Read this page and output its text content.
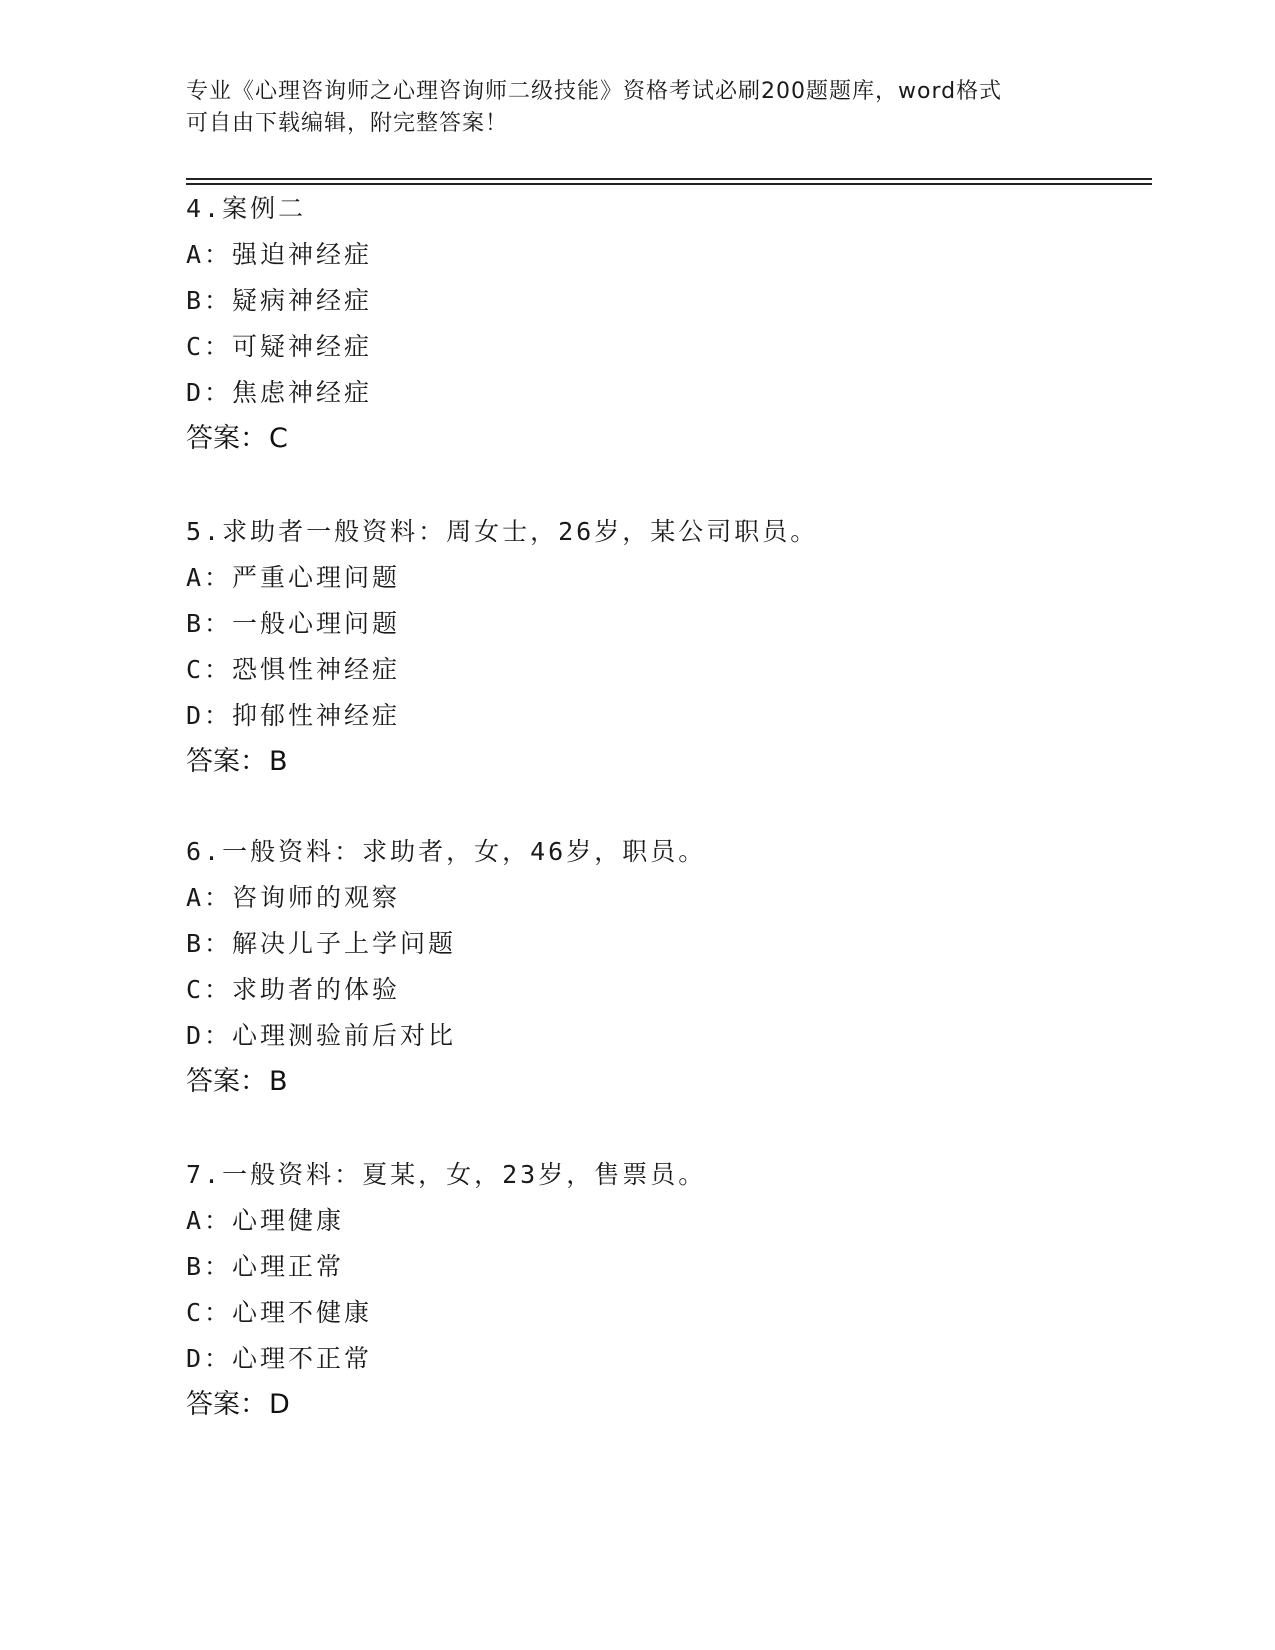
专业《心理咨询师之心理咨询师二级技能》资格考试必刷200题题库，word格式
可自由下载编辑，附完整答案！
4.案例二
A：强迫神经症
B：疑病神经症
C：可疑神经症
D：焦虑神经症
答案：C
5.求助者一般资料：周女士，26岁，某公司职员。
A：严重心理问题
B：一般心理问题
C：恐惧性神经症
D：抑郁性神经症
答案：B
6.一般资料：求助者，女，46岁，职员。
A：咨询师的观察
B：解决儿子上学问题
C：求助者的体验
D：心理测验前后对比
答案：B
7.一般资料：夏某，女，23岁，售票员。
A：心理健康
B：心理正常
C：心理不健康
D：心理不正常
答案：D
